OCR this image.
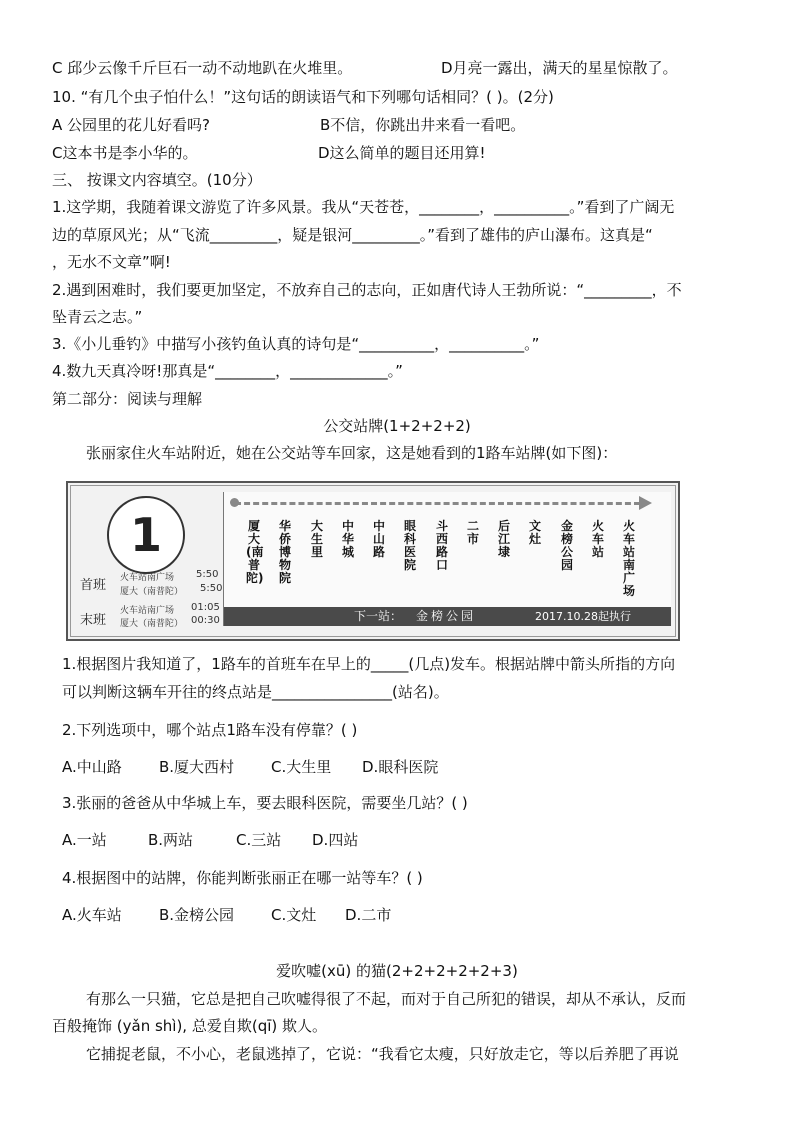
C 邱少云像千斤巨石一动不动地趴在火堆里。	D月亮一露出，满天的星星惊散了。
10. “有几个虫子怕什么！”这句话的朗读语气和下列哪句话相同？( )。(2分)
A 公园里的花儿好看吗?	B不信，你跳出井来看一看吧。
C这本书是李小华的。	D这么简单的题目还用算!
三、 按课文内容填空。(10分）
1.这学期，我随着课文游览了许多风景。我从“天苍苍，________，__________。”看到了广阔无
边的草原风光；从“飞流_________，疑是银河_________。”看到了雄伟的庐山瀑布。这真是“
，无水不文章”啊!
2.遇到困难时，我们要更加坚定，不放弃自己的志向，正如唐代诗人王勃所说：“_________，不
坠青云之志。”
3.《小儿垂钓》中描写小孩钓鱼认真的诗句是“__________，__________。”
4.数九天真冷呀!那真是“________，_____________。”
第二部分：阅读与理解
公交站牌(1+2+2+2)
张丽家住火车站附近，她在公交站等车回家，这是她看到的1路车站牌(如下图)：
1
首班 火车站南广场 5:50
厦大（南普陀） 5:50
末班
火车站南广场 01:05
厦大（南普陀） 00:30
厦大(南普陀)
华侨博物院
大生里
中华城
中山路
眼科医院
斗西路口
二市
后江埭
文灶
金榜公园
火车站
火车站南广场
下一站： 金榜公园	2017.10.28起执行
1.根据图片我知道了，1路车的首班车在早上的_____(几点)发车。根据站牌中箭头所指的方向
可以判断这辆车开往的终点站是________________(站名)。
2.下列选项中，哪个站点1路车没有停靠？( )
A.中山路 B.厦大西村 C.大生里 D.眼科医院
3.张丽的爸爸从中华城上车，要去眼科医院，需要坐几站？( )
A.一站	B.两站	C.三站 D.四站
4.根据图中的站牌，你能判断张丽正在哪一站等车？( )
A.火车站 B.金榜公园 C.文灶 D.二市
爱吹嘘(xū) 的猫(2+2+2+2+2+3)
有那么一只猫，它总是把自己吹嘘得很了不起，而对于自己所犯的错误，却从不承认，反而
百般掩饰 (yǎn shì), 总爱自欺(qī) 欺人。
它捕捉老鼠，不小心，老鼠逃掉了，它说：“我看它太瘦，只好放走它，等以后养肥了再说
